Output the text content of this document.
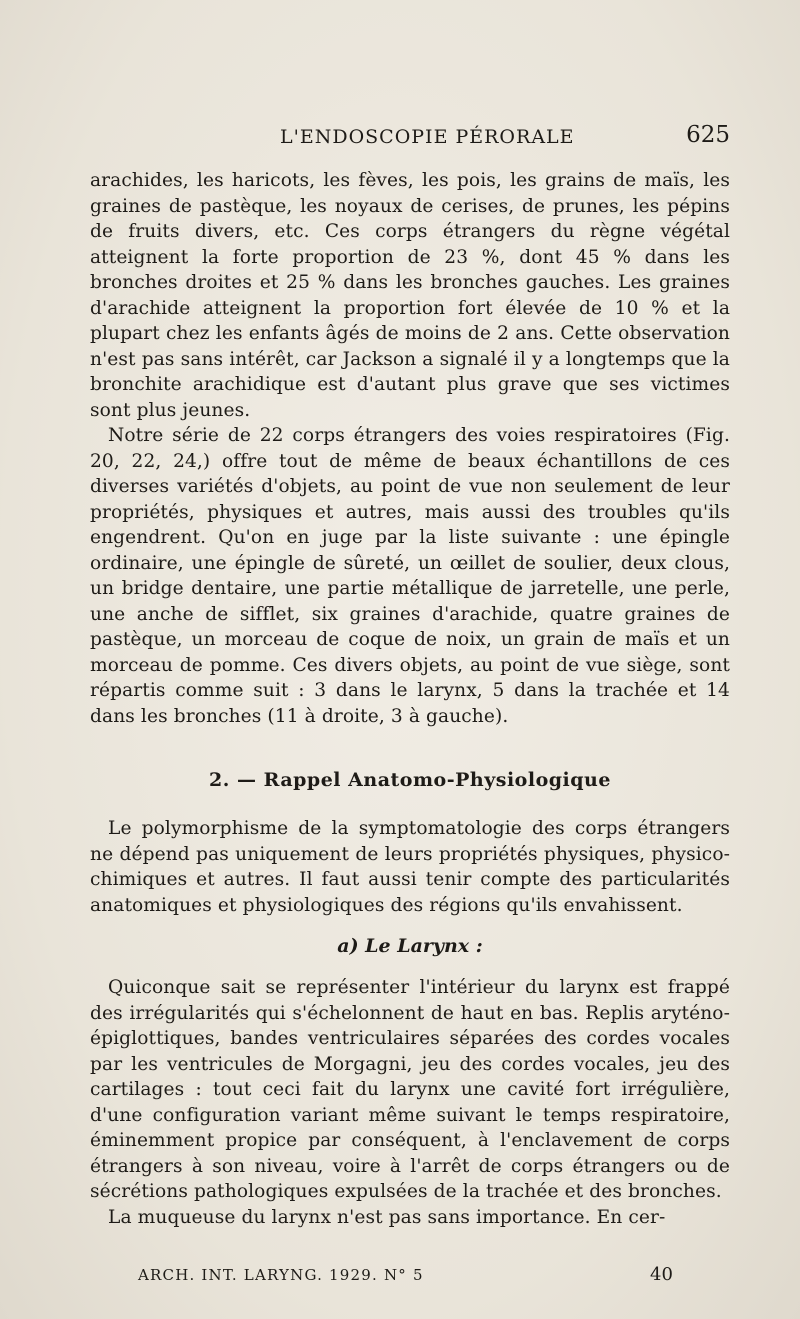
L'ENDOSCOPIE PÉRORALE	625

arachides, les haricots, les fèves, les pois, les grains de maïs, les graines de pastèque, les noyaux de cerises, de prunes, les pépins de fruits divers, etc. Ces corps étrangers du règne végétal atteignent la forte proportion de 23 %, dont 45 % dans les bronches droites et 25 % dans les bronches gauches. Les graines d'arachide atteignent la proportion fort élevée de 10 % et la plupart chez les enfants âgés de moins de 2 ans. Cette observation n'est pas sans intérêt, car Jackson a signalé il y a longtemps que la bronchite arachidique est d'autant plus grave que ses victimes sont plus jeunes.

Notre série de 22 corps étrangers des voies respiratoires (Fig. 20, 22, 24,) offre tout de même de beaux échantillons de ces diverses variétés d'objets, au point de vue non seulement de leur propriétés, physiques et autres, mais aussi des troubles qu'ils engendrent. Qu'on en juge par la liste suivante : une épingle ordinaire, une épingle de sûreté, un œillet de soulier, deux clous, un bridge dentaire, une partie métallique de jarretelle, une perle, une anche de sifflet, six graines d'arachide, quatre graines de pastèque, un morceau de coque de noix, un grain de maïs et un morceau de pomme. Ces divers objets, au point de vue siège, sont répartis comme suit : 3 dans le larynx, 5 dans la trachée et 14 dans les bronches (11 à droite, 3 à gauche).

2. — Rappel Anatomo-Physiologique

Le polymorphisme de la symptomatologie des corps étrangers ne dépend pas uniquement de leurs propriétés physiques, physico-chimiques et autres. Il faut aussi tenir compte des particularités anatomiques et physiologiques des régions qu'ils envahissent.

a) Le Larynx :

Quiconque sait se représenter l'intérieur du larynx est frappé des irrégularités qui s'échelonnent de haut en bas. Replis aryténo-épiglottiques, bandes ventriculaires séparées des cordes vocales par les ventricules de Morgagni, jeu des cordes vocales, jeu des cartilages : tout ceci fait du larynx une cavité fort irrégulière, d'une configuration variant même suivant le temps respiratoire, éminemment propice par conséquent, à l'enclavement de corps étrangers à son niveau, voire à l'arrêt de corps étrangers ou de sécrétions pathologiques expulsées de la trachée et des bronches.

La muqueuse du larynx n'est pas sans importance. En cer-

ARCH. INT. LARYNG. 1929. N° 5	40
